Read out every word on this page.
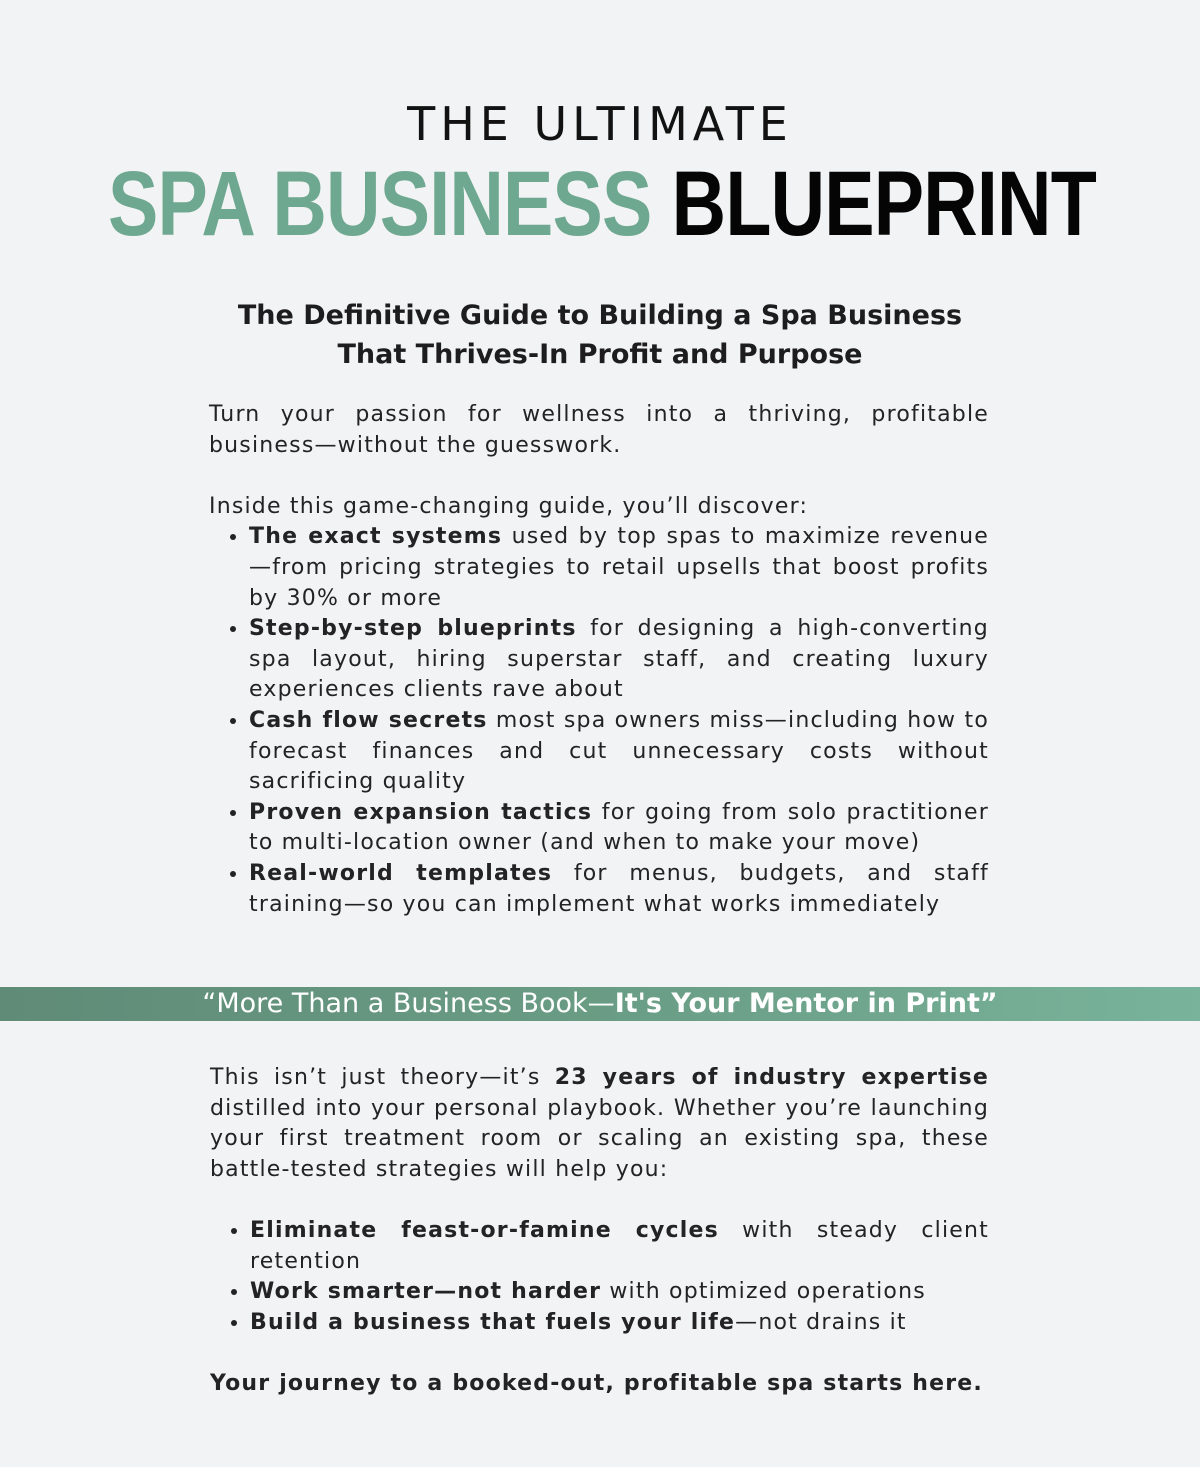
THE ULTIMATE
SPA BUSINESS BLUEPRINT
The Definitive Guide to Building a Spa Business
That Thrives-In Profit and Purpose

Turn your passion for wellness into a thriving, profitable business—without the guesswork.

Inside this game-changing guide, you’ll discover:

• The exact systems used by top spas to maximize revenue—from pricing strategies to retail upsells that boost profits by 30% or more
• Step-by-step blueprints for designing a high-converting spa layout, hiring superstar staff, and creating luxury experiences clients rave about
• Cash flow secrets most spa owners miss—including how to forecast finances and cut unnecessary costs without sacrificing quality
• Proven expansion tactics for going from solo practitioner to multi-location owner (and when to make your move)
• Real-world templates for menus, budgets, and staff training—so you can implement what works immediately
“More Than a Business Book—It's Your Mentor in Print”

This isn’t just theory—it’s 23 years of industry expertise distilled into your personal playbook. Whether you’re launching your first treatment room or scaling an existing spa, these battle-tested strategies will help you:

• Eliminate feast-or-famine cycles with steady client retention
• Work smarter—not harder with optimized operations
• Build a business that fuels your life—not drains it

Your journey to a booked-out, profitable spa starts here.
